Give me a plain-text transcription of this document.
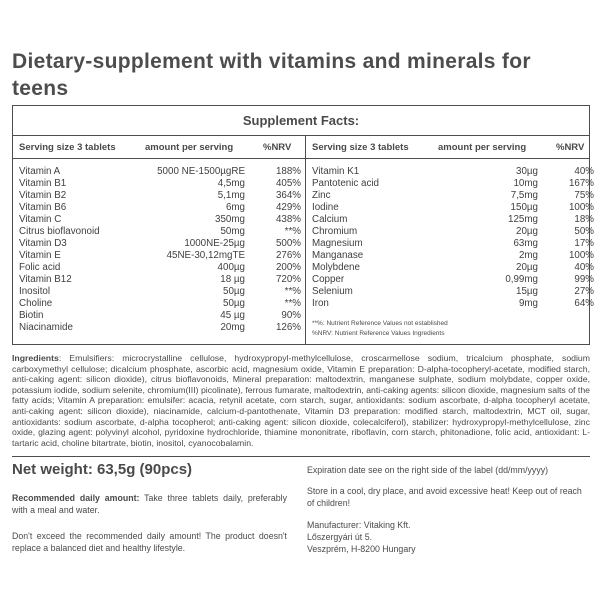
Dietary-supplement with vitamins and minerals for teens
Supplement Facts:
Serving size 3 tablets	amount per serving	%NRV
Vitamin A	5000 NE-1500µgRE	188%
Vitamin B1	4,5mg	405%
Vitamin B2	5,1mg	364%
Vitamin B6	6mg	429%
Vitamin C	350mg	438%
Citrus bioflavonoid	50mg	**%
Vitamin D3	1000NE-25µg	500%
Vitamin E	45NE-30,12mgTE	276%
Folic acid	400µg	200%
Vitamin B12	18 µg	720%
Inositol	50µg	**%
Choline	50µg	**%
Biotin	45 µg	90%
Niacinamide	20mg	126%
Serving size 3 tablets	amount per serving	%NRV
Vitamin K1	30µg	40%
Pantotenic acid	10mg	167%
Zinc	7,5mg	75%
Iodine	150µg	100%
Calcium	125mg	18%
Chromium	20µg	50%
Magnesium	63mg	17%
Manganase	2mg	100%
Molybdene	20µg	40%
Copper	0,99mg	99%
Selenium	15µg	27%
Iron	9mg	64%
**%: Nutrient Reference Values not established
%NRV: Nutrient Reference Values Ingredients
Ingredients: Emulsifiers: microcrystalline cellulose, hydroxypropyl-methylcellulose, croscarmellose sodium, tricalcium phosphate, sodium carboxymethyl cellulose; dicalcium phosphate, ascorbic acid, magnesium oxide, Vitamin E preparation: D-alpha-tocopheryl-acetate, modified starch, anti-caking agent: silicon dioxide), citrus bioflavonoids, Mineral preparation: maltodextrin, manganese sulphate, sodium molybdate, copper oxide, potassium iodide, sodium selenite, chromium(III) picolinate), ferrous fumarate, maltodextrin, anti-caking agents: silicon dioxide, magnesium salts of the fatty acids; Vitamin A preparation: emulsifer: acacia, retynil acetate, corn starch, sugar, antioxidants: sodium ascorbate, d-alpha tocopheryl acetate, anti-caking agent: silicon dioxide), niacinamide, calcium-d-pantothenate, Vitamin D3 preparation: modified starch, maltodextrin, MCT oil, sugar, antioxidants: sodium ascorbate, d-alpha tocopherol; anti-caking agent: silicon dioxide, colecalciferol), stabilizer: hydroxypropyl-methylcellulose, zinc oxide, glazing agent: polyvinyl alcohol, pyridoxine hydrochloride, thiamine mononitrate, riboflavin, corn starch, phitonadione, folic acid, antioxidant: L-tartaric acid, choline bitartrate, biotin, inositol, cyanocobalamin.
Net weight: 63,5g (90pcs)
Recommended daily amount: Take three tablets daily, preferably with a meal and water.
Don't exceed the recommended daily amount! The product doesn't replace a balanced diet and healthy lifestyle.
Expiration date see on the right side of the label (dd/mm/yyyy)
Store in a cool, dry place, and avoid excessive heat! Keep out of reach of children!
Manufacturer: Vitaking Kft.
Lőszergyári út 5.
Veszprém, H-8200 Hungary
